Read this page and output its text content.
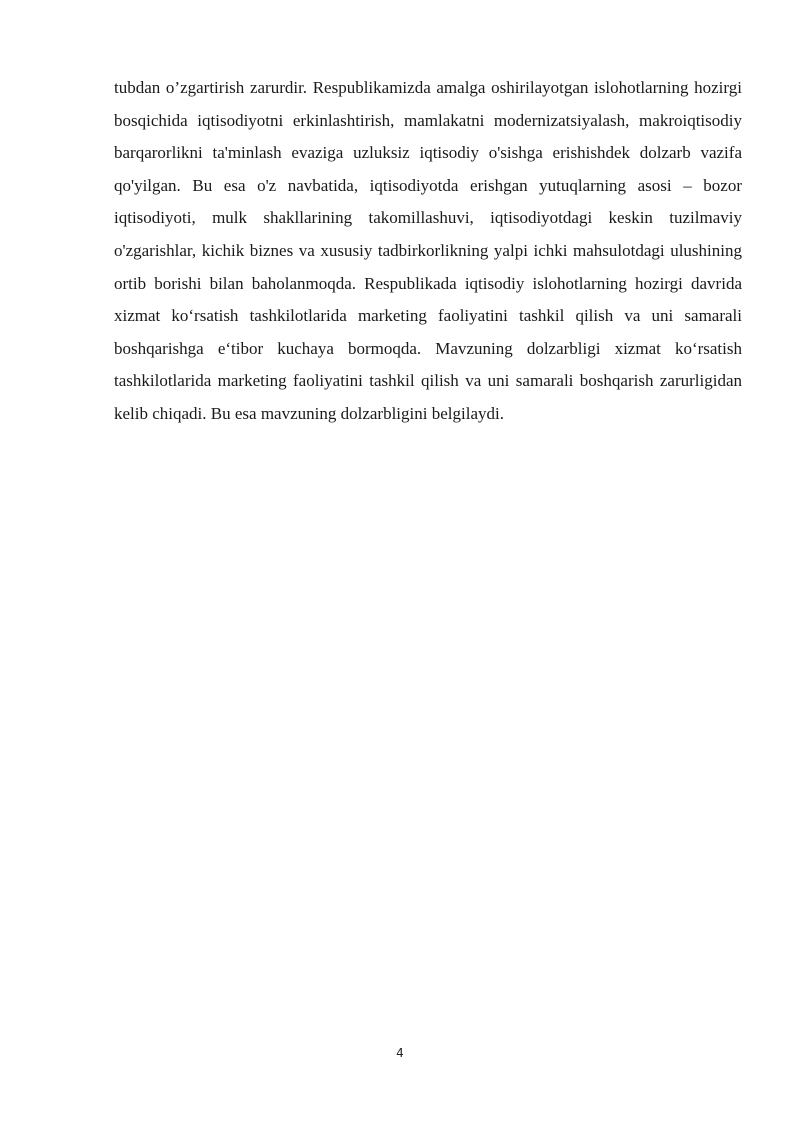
tubdan o’zgartirish zarurdir. Respublikamizda amalga oshirilayotgan islohotlarning hozirgi bosqichida iqtisodiyotni erkinlashtirish, mamlakatni modernizatsiyalash, makroiqtisodiy barqarorlikni ta'minlash evaziga uzluksiz iqtisodiy o'sishga erishishdek dolzarb vazifa qo'yilgan. Bu esa o'z navbatida, iqtisodiyotda erishgan yutuqlarning asosi – bozor iqtisodiyoti, mulk shakllarining takomillashuvi, iqtisodiyotdagi keskin tuzilmaviy o'zgarishlar, kichik biznes va xususiy tadbirkorlikning yalpi ichki mahsulotdagi ulushining ortib borishi bilan baholanmoqda. Respublikada iqtisodiy islohotlarning hozirgi davrida xizmat ko‘rsatish tashkilotlarida marketing faoliyatini tashkil qilish va uni samarali boshqarishga e‘tibor kuchaya bormoqda. Mavzuning dolzarbligi xizmat ko‘rsatish tashkilotlarida marketing faoliyatini tashkil qilish va uni samarali boshqarish zarurligidan kelib chiqadi. Bu esa mavzuning dolzarbligini belgilaydi.

4
